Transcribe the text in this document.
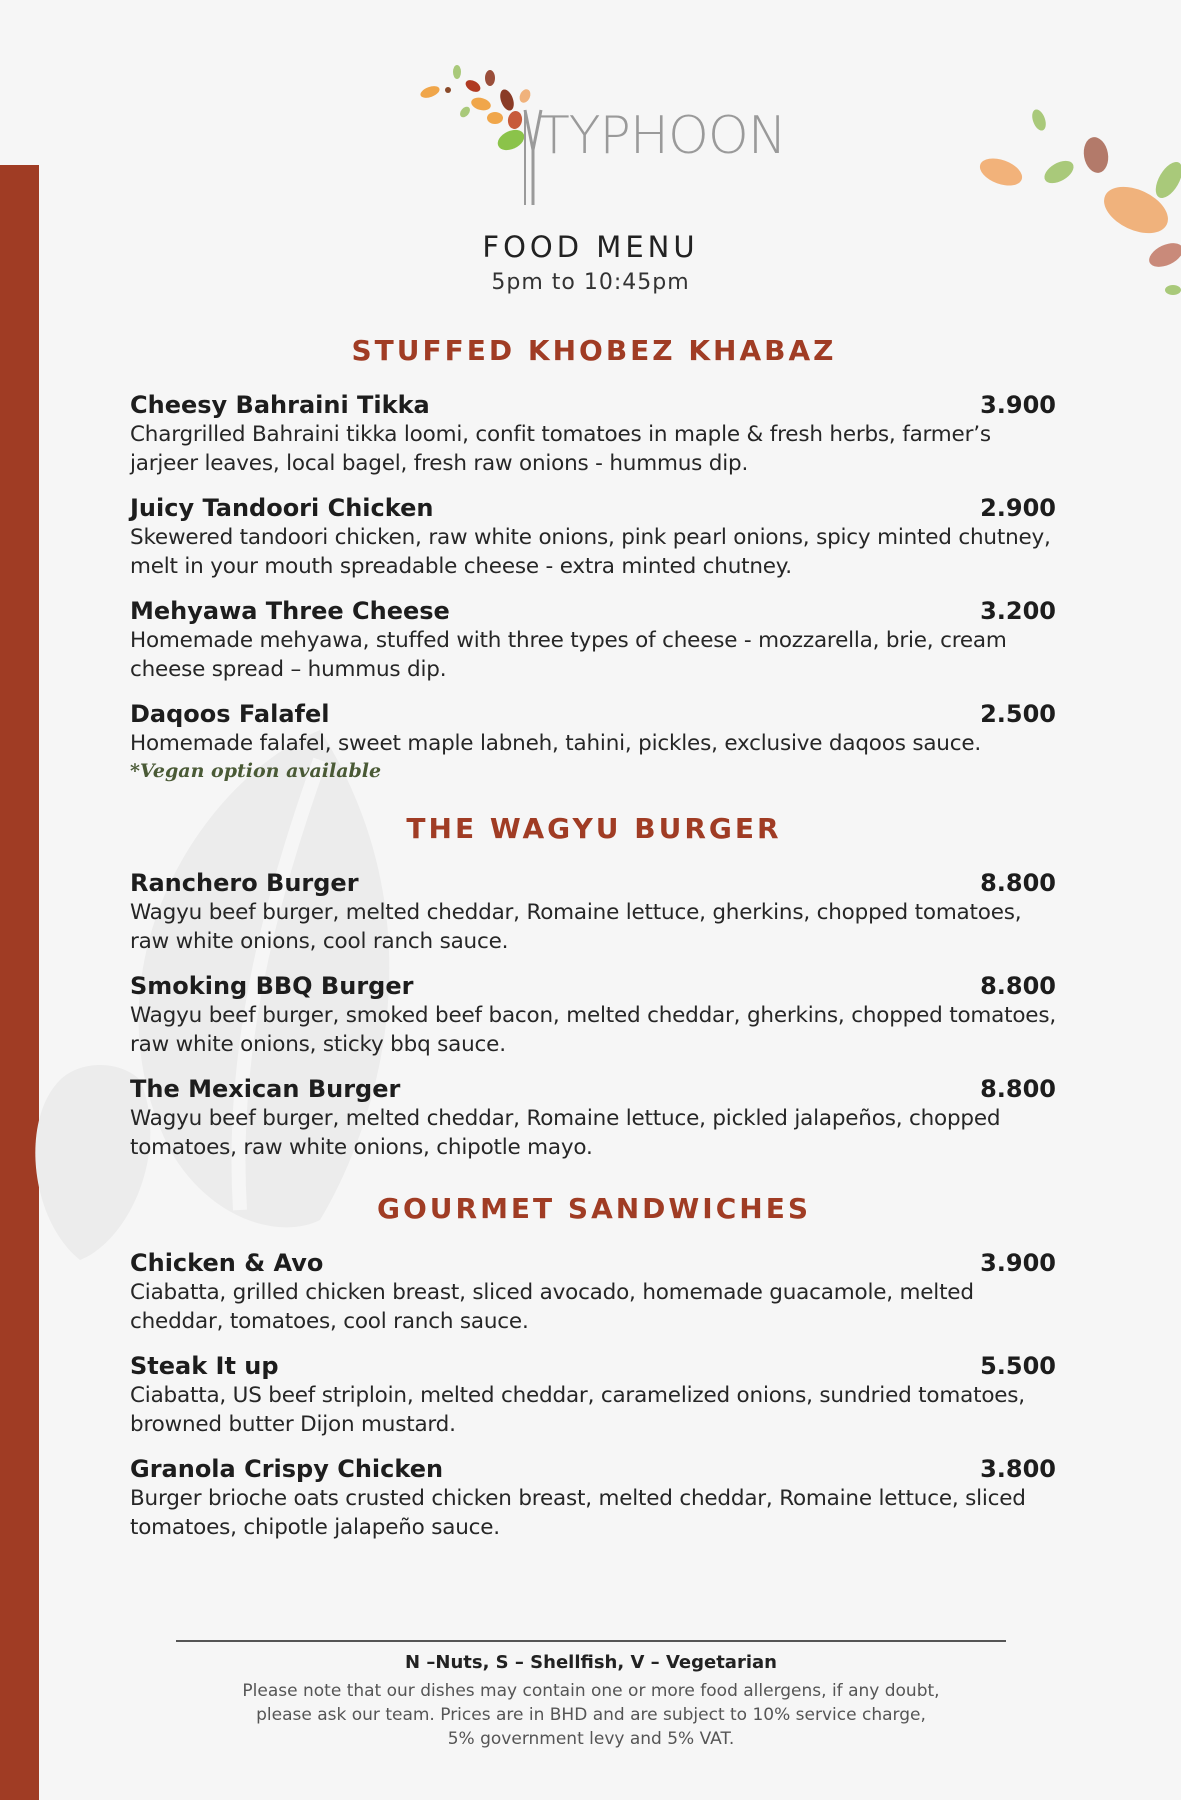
TYPHOON
FOOD MENU
5pm to 10:45pm
STUFFED KHOBEZ KHABAZ
Cheesy Bahraini Tikka	3.900
Chargrilled Bahraini tikka loomi, confit tomatoes in maple & fresh herbs, farmer’s jarjeer leaves, local bagel, fresh raw onions - hummus dip.
Juicy Tandoori Chicken	2.900
Skewered tandoori chicken, raw white onions, pink pearl onions, spicy minted chutney, melt in your mouth spreadable cheese - extra minted chutney.
Mehyawa Three Cheese	3.200
Homemade mehyawa, stuffed with three types of cheese - mozzarella, brie, cream cheese spread – hummus dip.
Daqoos Falafel	2.500
Homemade falafel, sweet maple labneh, tahini, pickles, exclusive daqoos sauce.
*Vegan option available
THE WAGYU BURGER
Ranchero Burger	8.800
Wagyu beef burger, melted cheddar, Romaine lettuce, gherkins, chopped tomatoes, raw white onions, cool ranch sauce.
Smoking BBQ Burger	8.800
Wagyu beef burger, smoked beef bacon, melted cheddar, gherkins, chopped tomatoes, raw white onions, sticky bbq sauce.
The Mexican Burger	8.800
Wagyu beef burger, melted cheddar, Romaine lettuce, pickled jalapeños, chopped tomatoes, raw white onions, chipotle mayo.
GOURMET SANDWICHES
Chicken & Avo	3.900
Ciabatta, grilled chicken breast, sliced avocado, homemade guacamole, melted cheddar, tomatoes, cool ranch sauce.
Steak It up	5.500
Ciabatta, US beef striploin, melted cheddar, caramelized onions, sundried tomatoes, browned butter Dijon mustard.
Granola Crispy Chicken	3.800
Burger brioche oats crusted chicken breast, melted cheddar, Romaine lettuce, sliced tomatoes, chipotle jalapeño sauce.
N –Nuts, S – Shellfish, V – Vegetarian
Please note that our dishes may contain one or more food allergens, if any doubt,
please ask our team. Prices are in BHD and are subject to 10% service charge,
5% government levy and 5% VAT.
